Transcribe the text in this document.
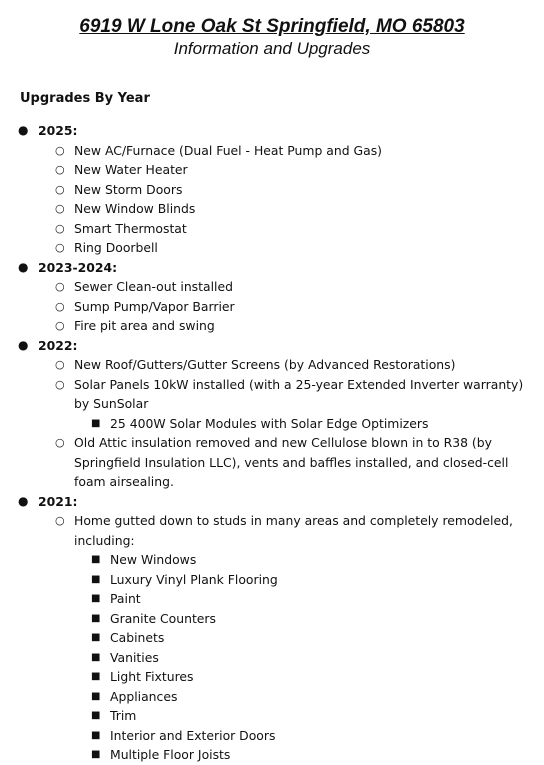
6919 W Lone Oak St Springfield, MO 65803
Information and Upgrades
Upgrades By Year
● 2025:
○ New AC/Furnace (Dual Fuel - Heat Pump and Gas)
○ New Water Heater
○ New Storm Doors
○ New Window Blinds
○ Smart Thermostat
○ Ring Doorbell
● 2023-2024:
○ Sewer Clean-out installed
○ Sump Pump/Vapor Barrier
○ Fire pit area and swing
● 2022:
○ New Roof/Gutters/Gutter Screens (by Advanced Restorations)
○ Solar Panels 10kW installed (with a 25-year Extended Inverter warranty) by SunSolar
■ 25 400W Solar Modules with Solar Edge Optimizers
○ Old Attic insulation removed and new Cellulose blown in to R38 (by Springfield Insulation LLC), vents and baffles installed, and closed-cell foam airsealing.
● 2021:
○ Home gutted down to studs in many areas and completely remodeled, including:
■ New Windows
■ Luxury Vinyl Plank Flooring
■ Paint
■ Granite Counters
■ Cabinets
■ Vanities
■ Light Fixtures
■ Appliances
■ Trim
■ Interior and Exterior Doors
■ Multiple Floor Joists
